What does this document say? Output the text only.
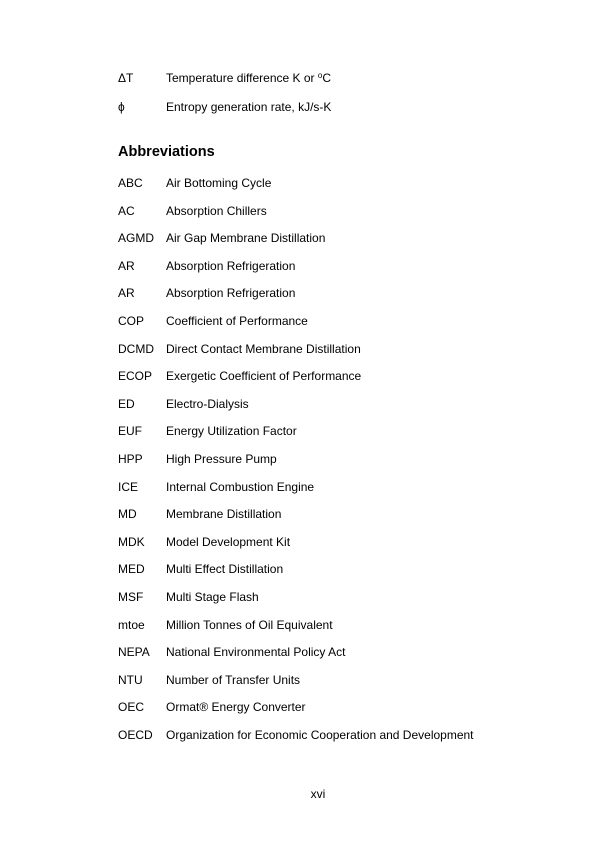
ΔT	Temperature difference K or $^o$C
ϕ	Entropy generation rate, kJ/s-K
Abbreviations
ABC Air Bottoming Cycle
AC	Absorption Chillers
AGMD Air Gap Membrane Distillation
AR	Absorption Refrigeration
AR	Absorption Refrigeration
COP Coefficient of Performance
DCMD Direct Contact Membrane Distillation
ECOP Exergetic Coefficient of Performance
ED	Electro-Dialysis
EUF Energy Utilization Factor
HPP High Pressure Pump
ICE Internal Combustion Engine
MD Membrane Distillation
MDK Model Development Kit
MED Multi Effect Distillation
MSF Multi Stage Flash
mtoe Million Tonnes of Oil Equivalent
NEPA National Environmental Policy Act
NTU Number of Transfer Units
OEC Ormat® Energy Converter
OECD Organization for Economic Cooperation and Development
xvi
